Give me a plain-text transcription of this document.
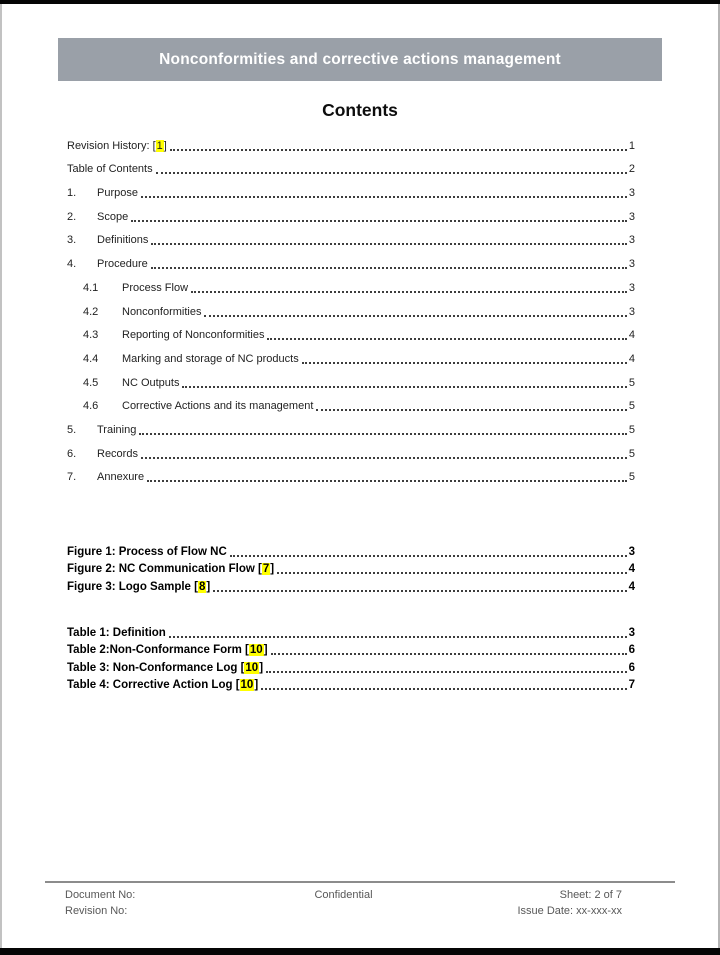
Nonconformities and corrective actions management
Contents
Revision History: [1]	1
Table of Contents	2
1.	Purpose	3
2.	Scope	3
3.	Definitions	3
4.	Procedure	3
4.1	Process Flow	3
4.2	Nonconformities	3
4.3	Reporting of Nonconformities	4
4.4	Marking and storage of NC products	4
4.5	NC Outputs	5
4.6	Corrective Actions and its management	5
5.	Training	5
6.	Records	5
7.	Annexure	5
Figure 1: Process of Flow NC	3
Figure 2: NC Communication Flow [7]	4
Figure 3: Logo Sample [8]	4
Table 1: Definition	3
Table 2:Non-Conformance Form [10]	6
Table 3: Non-Conformance Log [10]	6
Table 4: Corrective Action Log [10]	7
Document No:	Confidential	Sheet: 2 of 7
Revision No:	Issue Date: xx-xxx-xx
